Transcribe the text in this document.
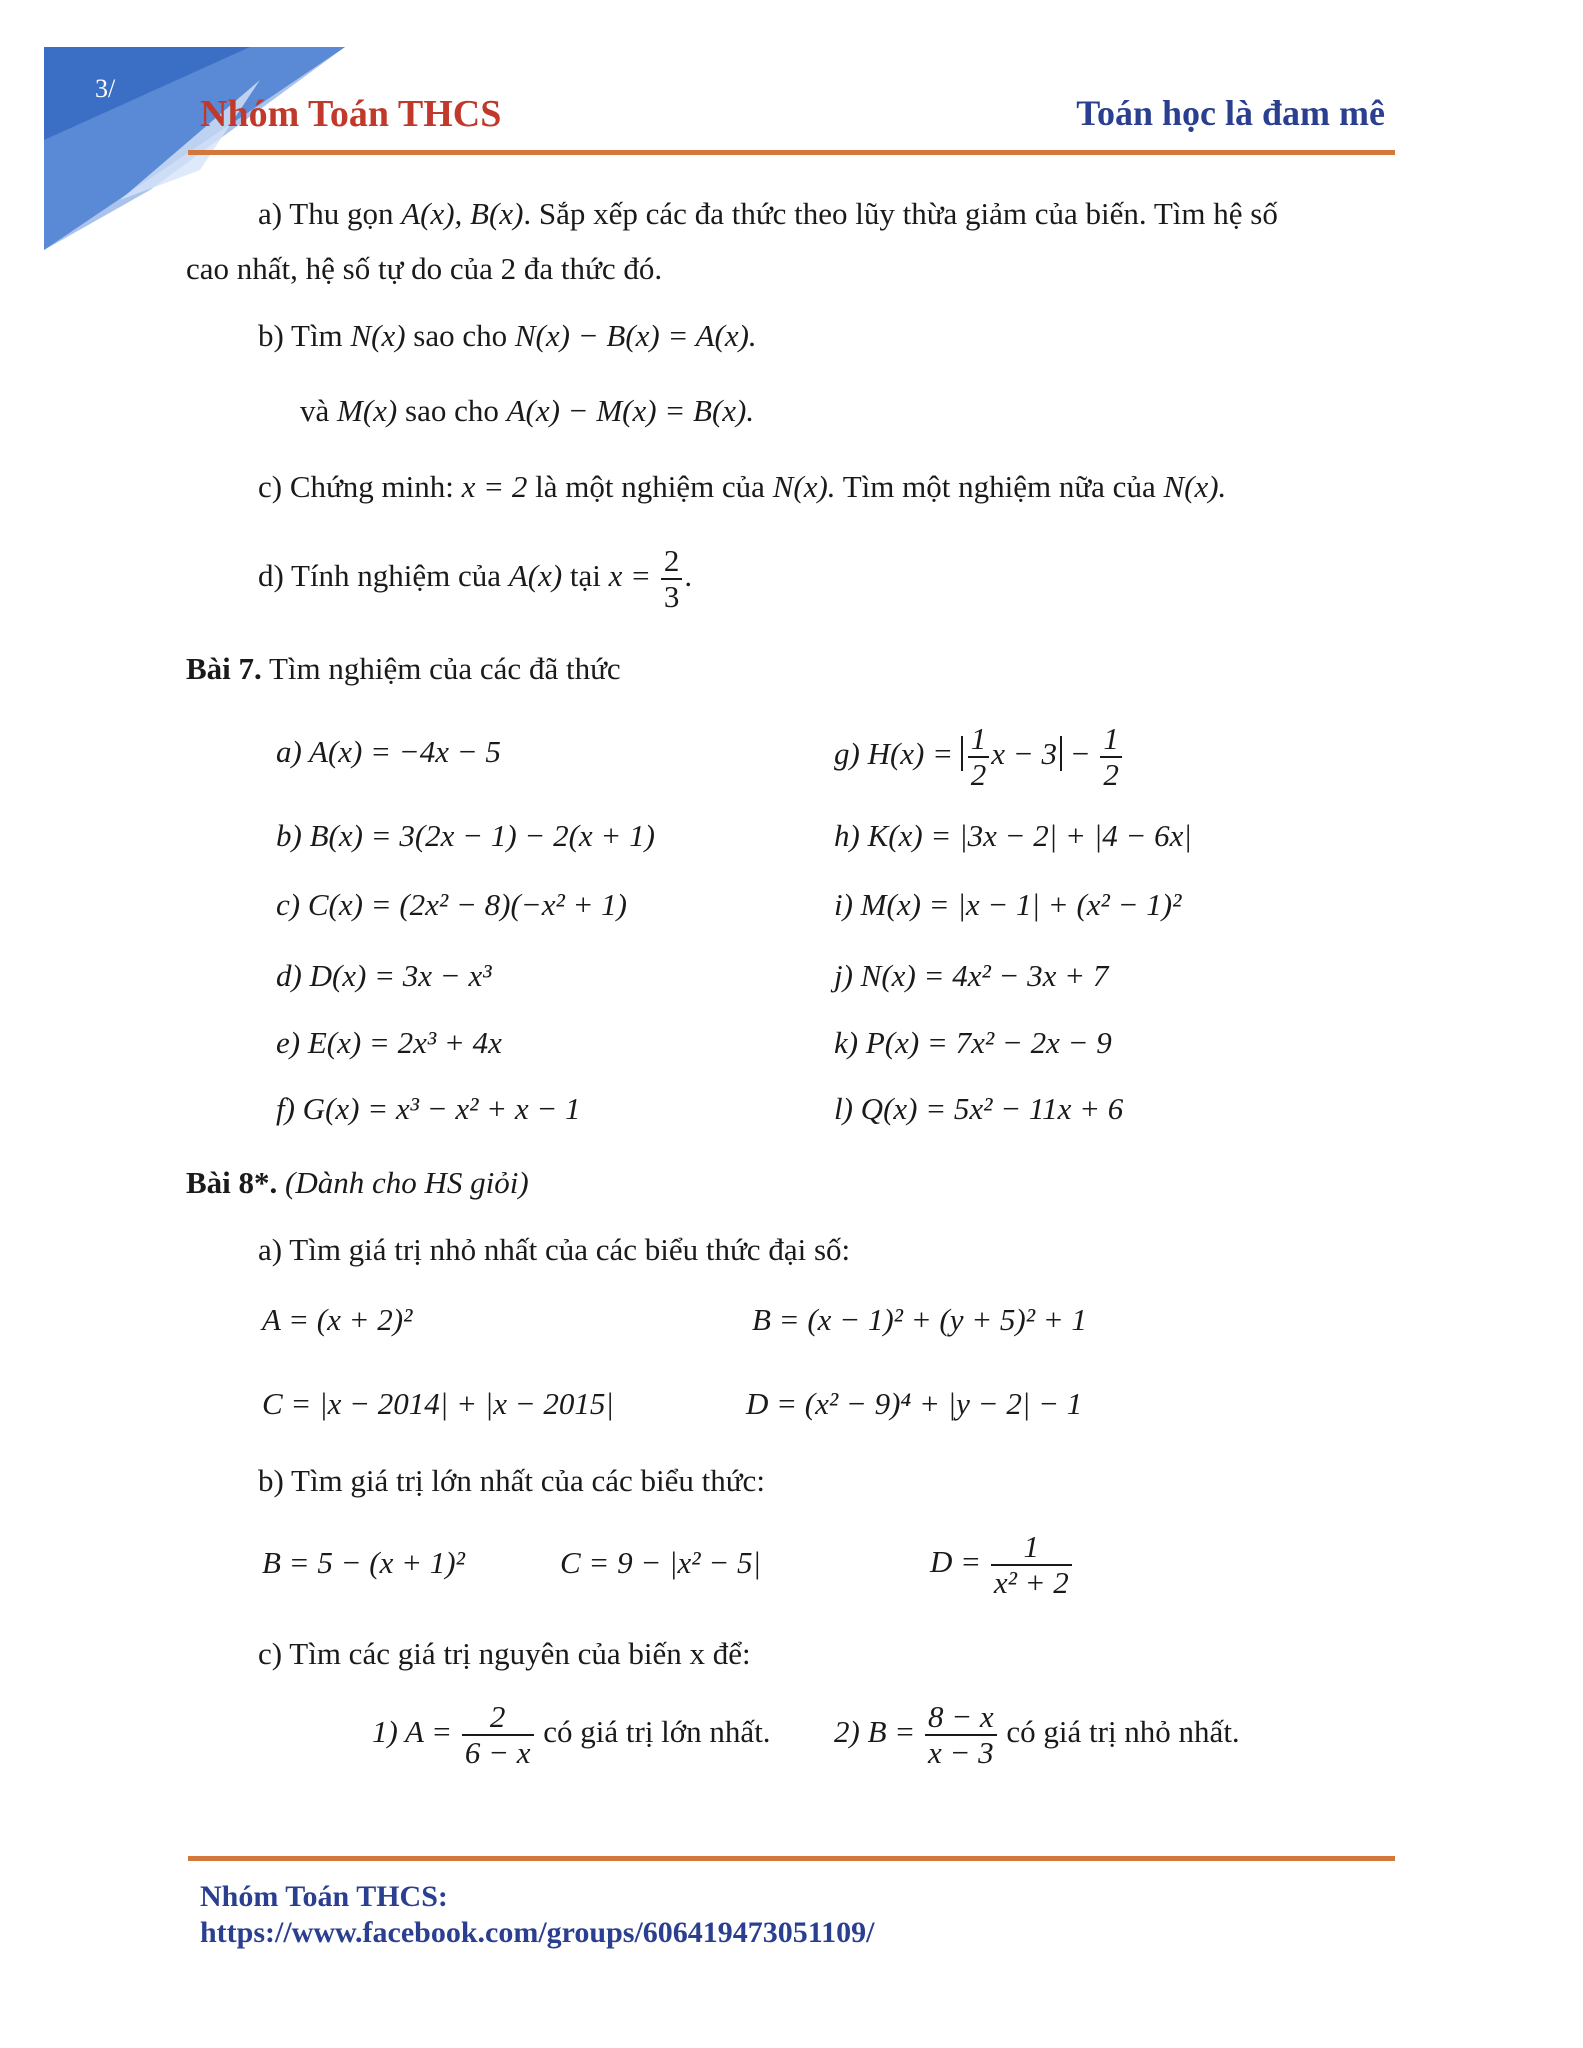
3/
Nhóm Toán THCS	Toán học là đam mê
a) Thu gọn A(x), B(x). Sắp xếp các đa thức theo lũy thừa giảm của biến. Tìm hệ số
cao nhất, hệ số tự do của 2 đa thức đó.
b) Tìm N(x) sao cho N(x) − B(x) = A(x).
và M(x) sao cho A(x) − M(x) = B(x).
c) Chứng minh: x = 2 là một nghiệm của N(x). Tìm một nghiệm nữa của N(x).
d) Tính nghiệm của A(x) tại $x = \frac{2}{3}$ .
Bài 7. Tìm nghiệm của các đã thức
a) A(x) = −4x − 5
b) B(x) = 3(2x − 1) − 2(x + 1)
c) C(x) = (2x² − 8)(−x² + 1)
d) D(x) = 3x − x³
e) E(x) = 2x³ + 4x
f) G(x) = x³ − x² + x − 1
g) $H(x) = \frac{1}{2}$ $x - 3 - \frac{1}{2}$
h) K(x) = |3x − 2| + |4 − 6x|
i) M(x) = |x − 1| + (x² − 1)²
j) N(x) = 4x² − 3x + 7
k) P(x) = 7x² − 2x − 9
l) Q(x) = 5x² − 11x + 6
Bài 8*. (Dành cho HS giỏi)
a) Tìm giá trị nhỏ nhất của các biểu thức đại số:
A = (x + 2)²	B = (x − 1)² + (y + 5)² + 1
C = |x − 2014| + |x − 2015|	D = (x² − 9)⁴ + |y − 2| − 1
b) Tìm giá trị lớn nhất của các biểu thức:
B = 5 − (x + 1)²	C = 9 − |x² − 5|	$D = \frac{1}{\text{x² + 2}}$
c) Tìm các giá trị nguyên của biến x để:
1) $A = \frac{2}{6 - x}$ có giá trị lớn nhất. 2) $B = \frac{8 - x}{x - 3}$ có giá trị nhỏ nhất.
Nhóm Toán THCS:
https://www.facebook.com/groups/606419473051109/
